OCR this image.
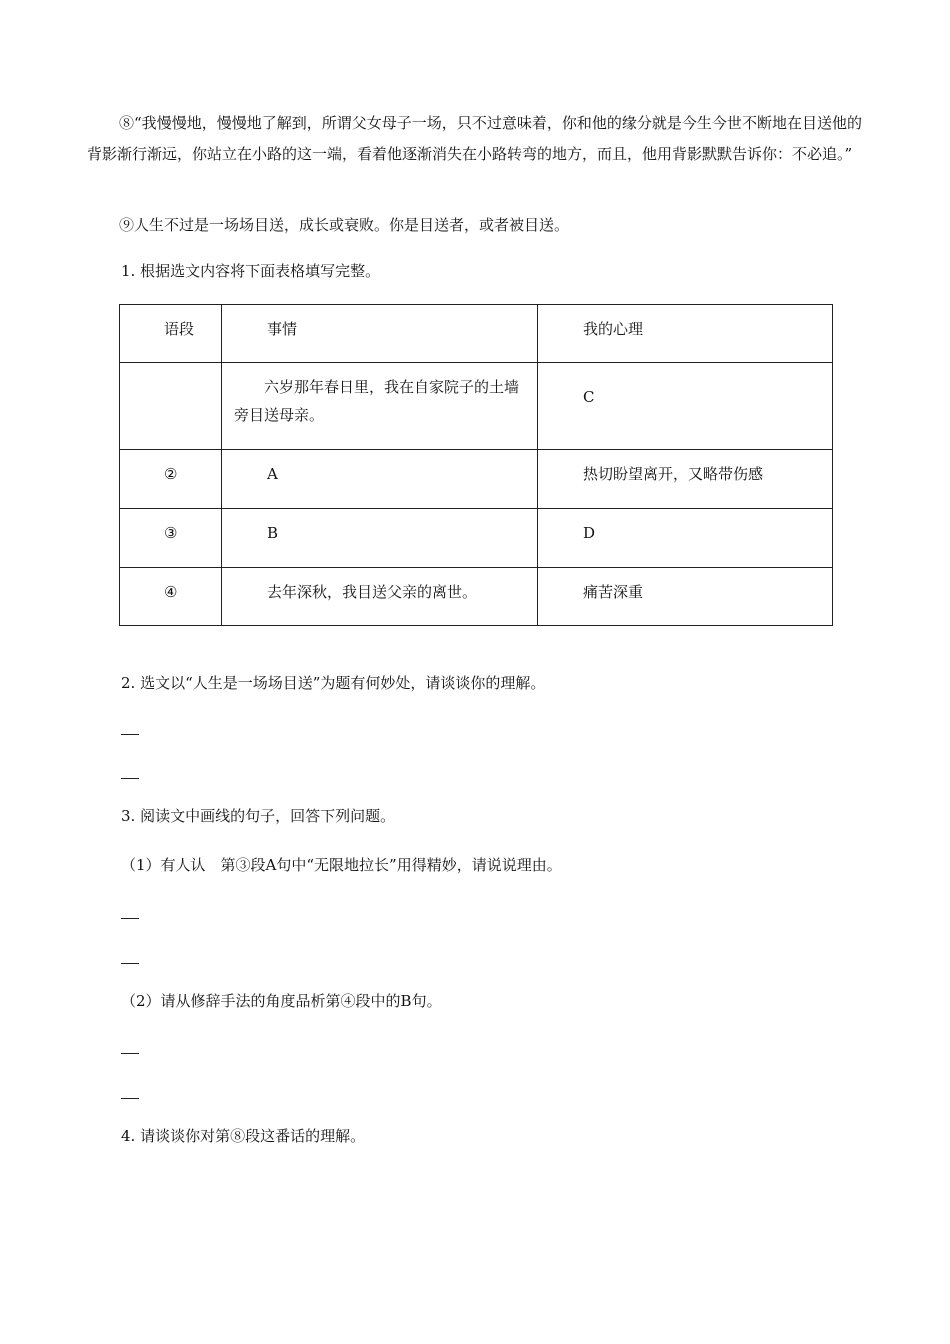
⑧“我慢慢地，慢慢地了解到，所谓父女母子一场，只不过意味着，你和他的缘分就是今生今世不断地在目送他的背影渐行渐远，你站立在小路的这一端，看着他逐渐消失在小路转弯的地方，而且，他用背影默默告诉你：不必追。”

⑨人生不过是一场场目送，成长或衰败。你是目送者，或者被目送。

1. 根据选文内容将下面表格填写完整。

语段	事情	我的心理

	六岁那年春日里，我在自家院子的土墙旁目送母亲。	C

②	A	热切盼望离开，又略带伤感

③	B	D

④	去年深秋，我目送父亲的离世。	痛苦深重

2. 选文以“人生是一场场目送”为题有何妙处，请谈谈你的理解。

3. 阅读文中画线的句子，回答下列问题。

（1）有人认　第③段A句中“无限地拉长”用得精妙，请说说理由。

（2）请从修辞手法的角度品析第④段中的B句。

4. 请谈谈你对第⑧段这番话的理解。
